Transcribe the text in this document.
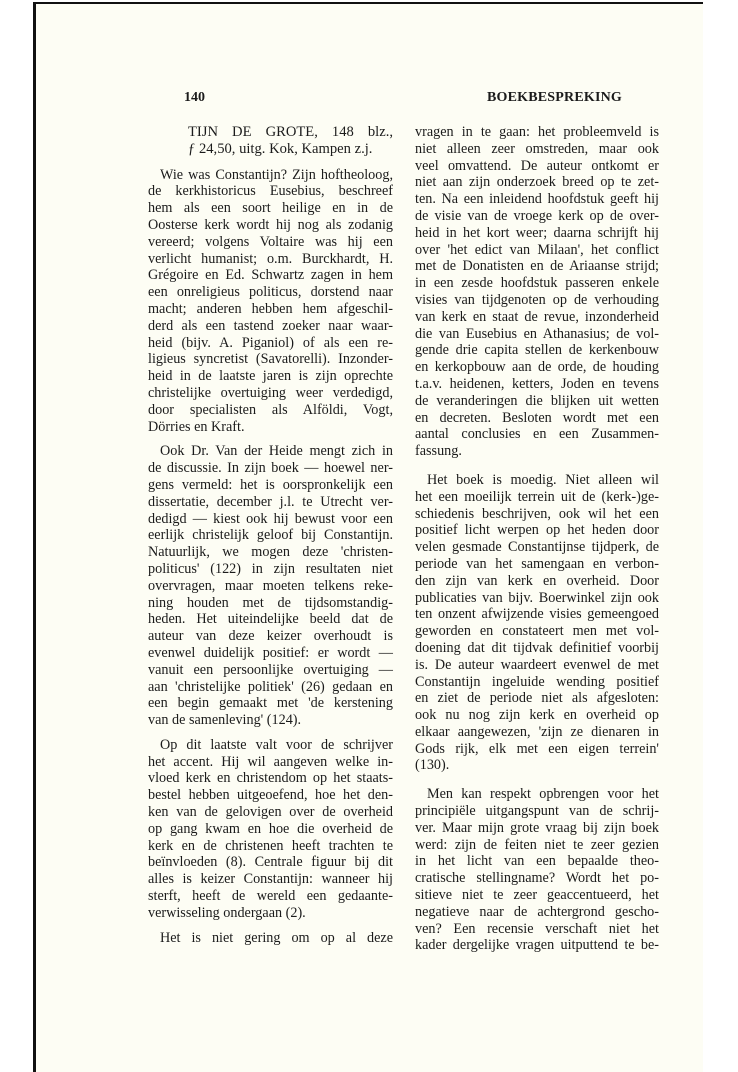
140	BOEKBESPREKING
TIJN DE GROTE, 148 blz.,
ƒ 24,50, uitg. Kok, Kampen z.j.
Wie was Constantijn? Zijn hoftheoloog,
de kerkhistoricus Eusebius, beschreef
hem als een soort heilige en in de
Oosterse kerk wordt hij nog als zodanig
vereerd; volgens Voltaire was hij een
verlicht humanist; o.m. Burckhardt, H.
Grégoire en Ed. Schwartz zagen in hem
een onreligieus politicus, dorstend naar
macht; anderen hebben hem afgeschil-
derd als een tastend zoeker naar waar-
heid (bijv. A. Piganiol) of als een re-
ligieus syncretist (Savatorelli). Inzonder-
heid in de laatste jaren is zijn oprechte
christelijke overtuiging weer verdedigd,
door specialisten als Alföldi, Vogt,
Dörries en Kraft.
Ook Dr. Van der Heide mengt zich in
de discussie. In zijn boek — hoewel ner-
gens vermeld: het is oorspronkelijk een
dissertatie, december j.l. te Utrecht ver-
dedigd — kiest ook hij bewust voor een
eerlijk christelijk geloof bij Constantijn.
Natuurlijk, we mogen deze 'christen-
politicus' (122) in zijn resultaten niet
overvragen, maar moeten telkens reke-
ning houden met de tijdsomstandig-
heden. Het uiteindelijke beeld dat de
auteur van deze keizer overhoudt is
evenwel duidelijk positief: er wordt —
vanuit een persoonlijke overtuiging —
aan 'christelijke politiek' (26) gedaan en
een begin gemaakt met 'de kerstening
van de samenleving' (124).
Op dit laatste valt voor de schrijver
het accent. Hij wil aangeven welke in-
vloed kerk en christendom op het staats-
bestel hebben uitgeoefend, hoe het den-
ken van de gelovigen over de overheid
op gang kwam en hoe die overheid de
kerk en de christenen heeft trachten te
beïnvloeden (8). Centrale figuur bij dit
alles is keizer Constantijn: wanneer hij
sterft, heeft de wereld een gedaante-
verwisseling ondergaan (2).
Het is niet gering om op al deze
vragen in te gaan: het probleemveld is
niet alleen zeer omstreden, maar ook
veel omvattend. De auteur ontkomt er
niet aan zijn onderzoek breed op te zet-
ten. Na een inleidend hoofdstuk geeft hij
de visie van de vroege kerk op de over-
heid in het kort weer; daarna schrijft hij
over 'het edict van Milaan', het conflict
met de Donatisten en de Ariaanse strijd;
in een zesde hoofdstuk passeren enkele
visies van tijdgenoten op de verhouding
van kerk en staat de revue, inzonderheid
die van Eusebius en Athanasius; de vol-
gende drie capita stellen de kerkenbouw
en kerkopbouw aan de orde, de houding
t.a.v. heidenen, ketters, Joden en tevens
de veranderingen die blijken uit wetten
en decreten. Besloten wordt met een
aantal conclusies en een Zusammen-
fassung.
Het boek is moedig. Niet alleen wil
het een moeilijk terrein uit de (kerk-)ge-
schiedenis beschrijven, ook wil het een
positief licht werpen op het heden door
velen gesmade Constantijnse tijdperk, de
periode van het samengaan en verbon-
den zijn van kerk en overheid. Door
publicaties van bijv. Boerwinkel zijn ook
ten onzent afwijzende visies gemeengoed
geworden en constateert men met vol-
doening dat dit tijdvak definitief voorbij
is. De auteur waardeert evenwel de met
Constantijn ingeluide wending positief
en ziet de periode niet als afgesloten:
ook nu nog zijn kerk en overheid op
elkaar aangewezen, 'zijn ze dienaren in
Gods rijk, elk met een eigen terrein'
(130).
Men kan respekt opbrengen voor het
principiële uitgangspunt van de schrij-
ver. Maar mijn grote vraag bij zijn boek
werd: zijn de feiten niet te zeer gezien
in het licht van een bepaalde theo-
cratische stellingname? Wordt het po-
sitieve niet te zeer geaccentueerd, het
negatieve naar de achtergrond gescho-
ven? Een recensie verschaft niet het
kader dergelijke vragen uitputtend te be-
